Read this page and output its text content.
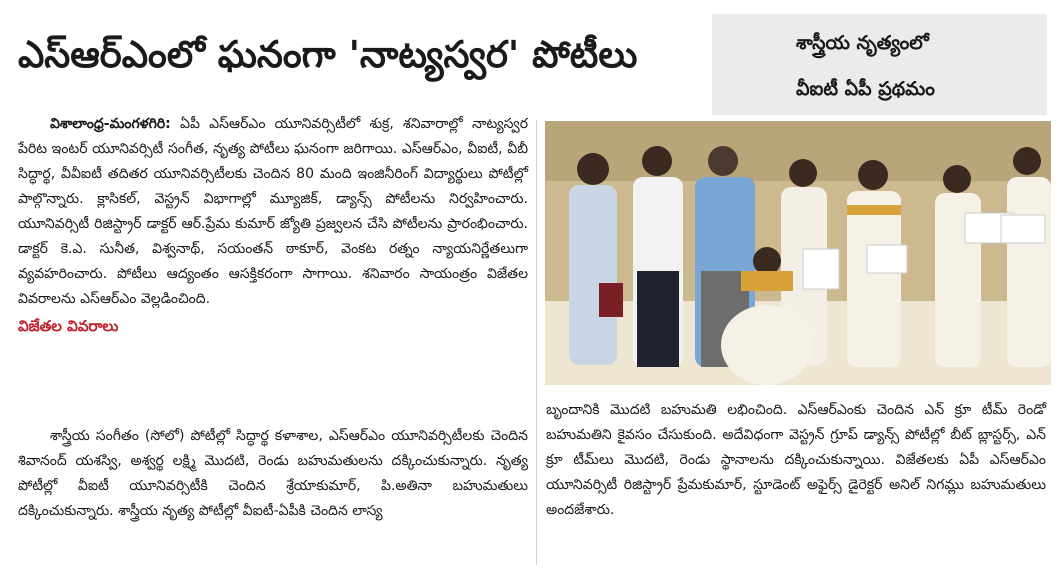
ఎస్ఆర్ఎంలో ఘనంగా 'నాట్యస్వర' పోటీలు	శాస్త్రీయ నృత్యంలో
వీఐటీ ఏపీ ప్రథమం

విశాలాంధ్ర-మంగళగిరి: ఏపీ ఎస్ఆర్ఎం యూనివర్సిటీలో శుక్ర, శనివారాల్లో నాట్యస్వర పేరిట ఇంటర్ యూనివర్సిటీ సంగీత, నృత్య పోటీలు ఘనంగా జరిగాయి. ఎస్ఆర్ఎం, వీఐటీ, వీబీ సిద్ధార్థ, వీవీఐటీ తదితర యూనివర్సిటీలకు చెందిన 80 మంది ఇంజినీరింగ్ విద్యార్థులు పోటీల్లో పాల్గొన్నారు. క్లాసికల్, వెస్ట్రన్ విభాగాల్లో మ్యూజిక్, డ్యాన్స్ పోటీలను నిర్వహించారు. యూనివర్సిటీ రిజిస్ట్రార్ డాక్టర్ ఆర్.ప్రేమ కుమార్ జ్యోతి ప్రజ్వలన చేసి పోటీలను ప్రారంభించారు. డాక్టర్ కె.ఎ. సునీత, విశ్వనాథ్, సయంతన్ ఠాకూర్, వెంకట రత్నం న్యాయనిర్ణేతలుగా వ్యవహరించారు. పోటీలు ఆద్యంతం ఆసక్తికరంగా సాగాయి. శనివారం సాయంత్రం విజేతల వివరాలను ఎస్ఆర్ఎం వెల్లడించింది.

విజేతల వివరాలు

శాస్త్రీయ సంగీతం (సోలో) పోటీల్లో సిద్ధార్థ కళాశాల, ఎస్ఆర్ఎం యూనివర్సిటీలకు చెందిన శివానంద్ యశస్వి, అశ్వర్థ లక్ష్మి మొదటి, రెండు బహుమతులను దక్కించుకున్నారు. నృత్య పోటీల్లో వీఐటీ యూనివర్సిటీకి చెందిన శ్రేయాకుమార్, పి.అతినా బహుమతులు దక్కించుకున్నారు. శాస్త్రీయ నృత్య పోటీల్లో వీఐటీ-ఏపీకి చెందిన లాస్య

బృందానికి మొదటి బహుమతి లభించింది. ఎస్ఆర్ఎంకు చెందిన ఎన్ క్రూ టీమ్ రెండో బహుమతిని కైవసం చేసుకుంది. అదేవిధంగా వెస్ట్రన్ గ్రూప్ డ్యాన్స్ పోటీల్లో బీట్ బ్లాస్టర్స్, ఎన్ క్రూ టీమ్‌లు మొదటి, రెండు స్థానాలను దక్కించుకున్నాయి. విజేతలకు ఏపీ ఎస్ఆర్ఎం యూనివర్సిటీ రిజిస్ట్రార్ ప్రేమకుమార్, స్టూడెంట్ అఫైర్స్ డైరెక్టర్ అనిల్ నిగమ్లు బహుమతులు అందజేశారు.
